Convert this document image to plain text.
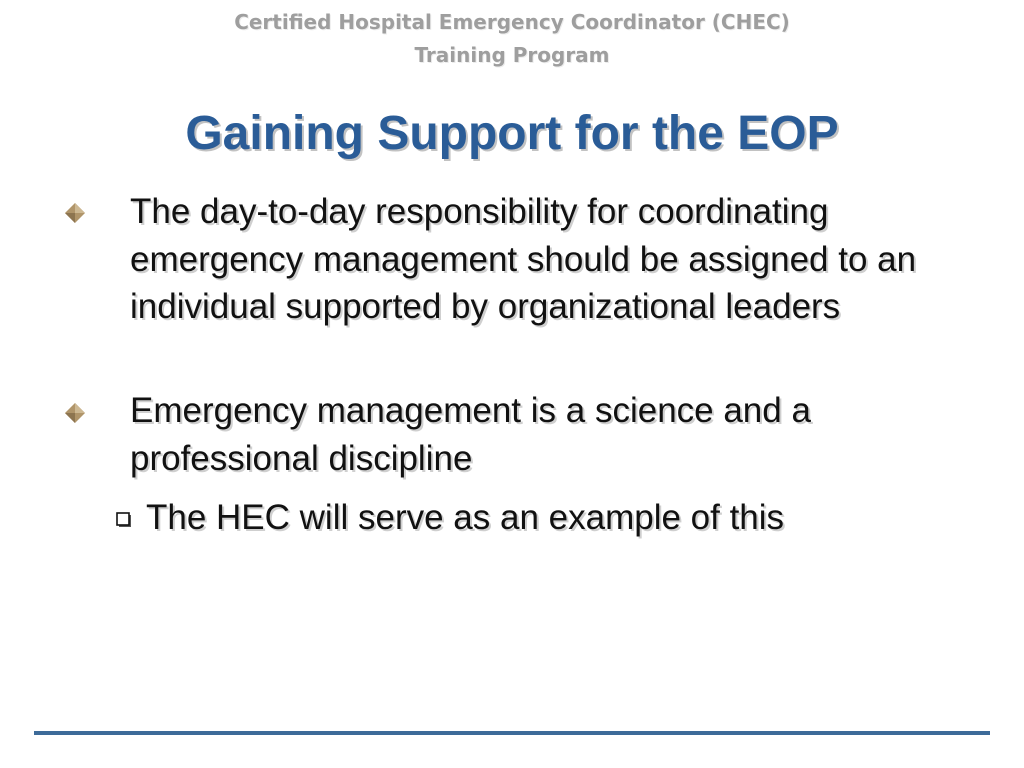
Certified Hospital Emergency Coordinator (CHEC)
Training Program
Gaining Support for the EOP
The day-to-day responsibility for coordinating emergency management should be assigned to an individual supported by organizational leaders
Emergency management is a science and a professional discipline
The HEC will serve as an example of this
